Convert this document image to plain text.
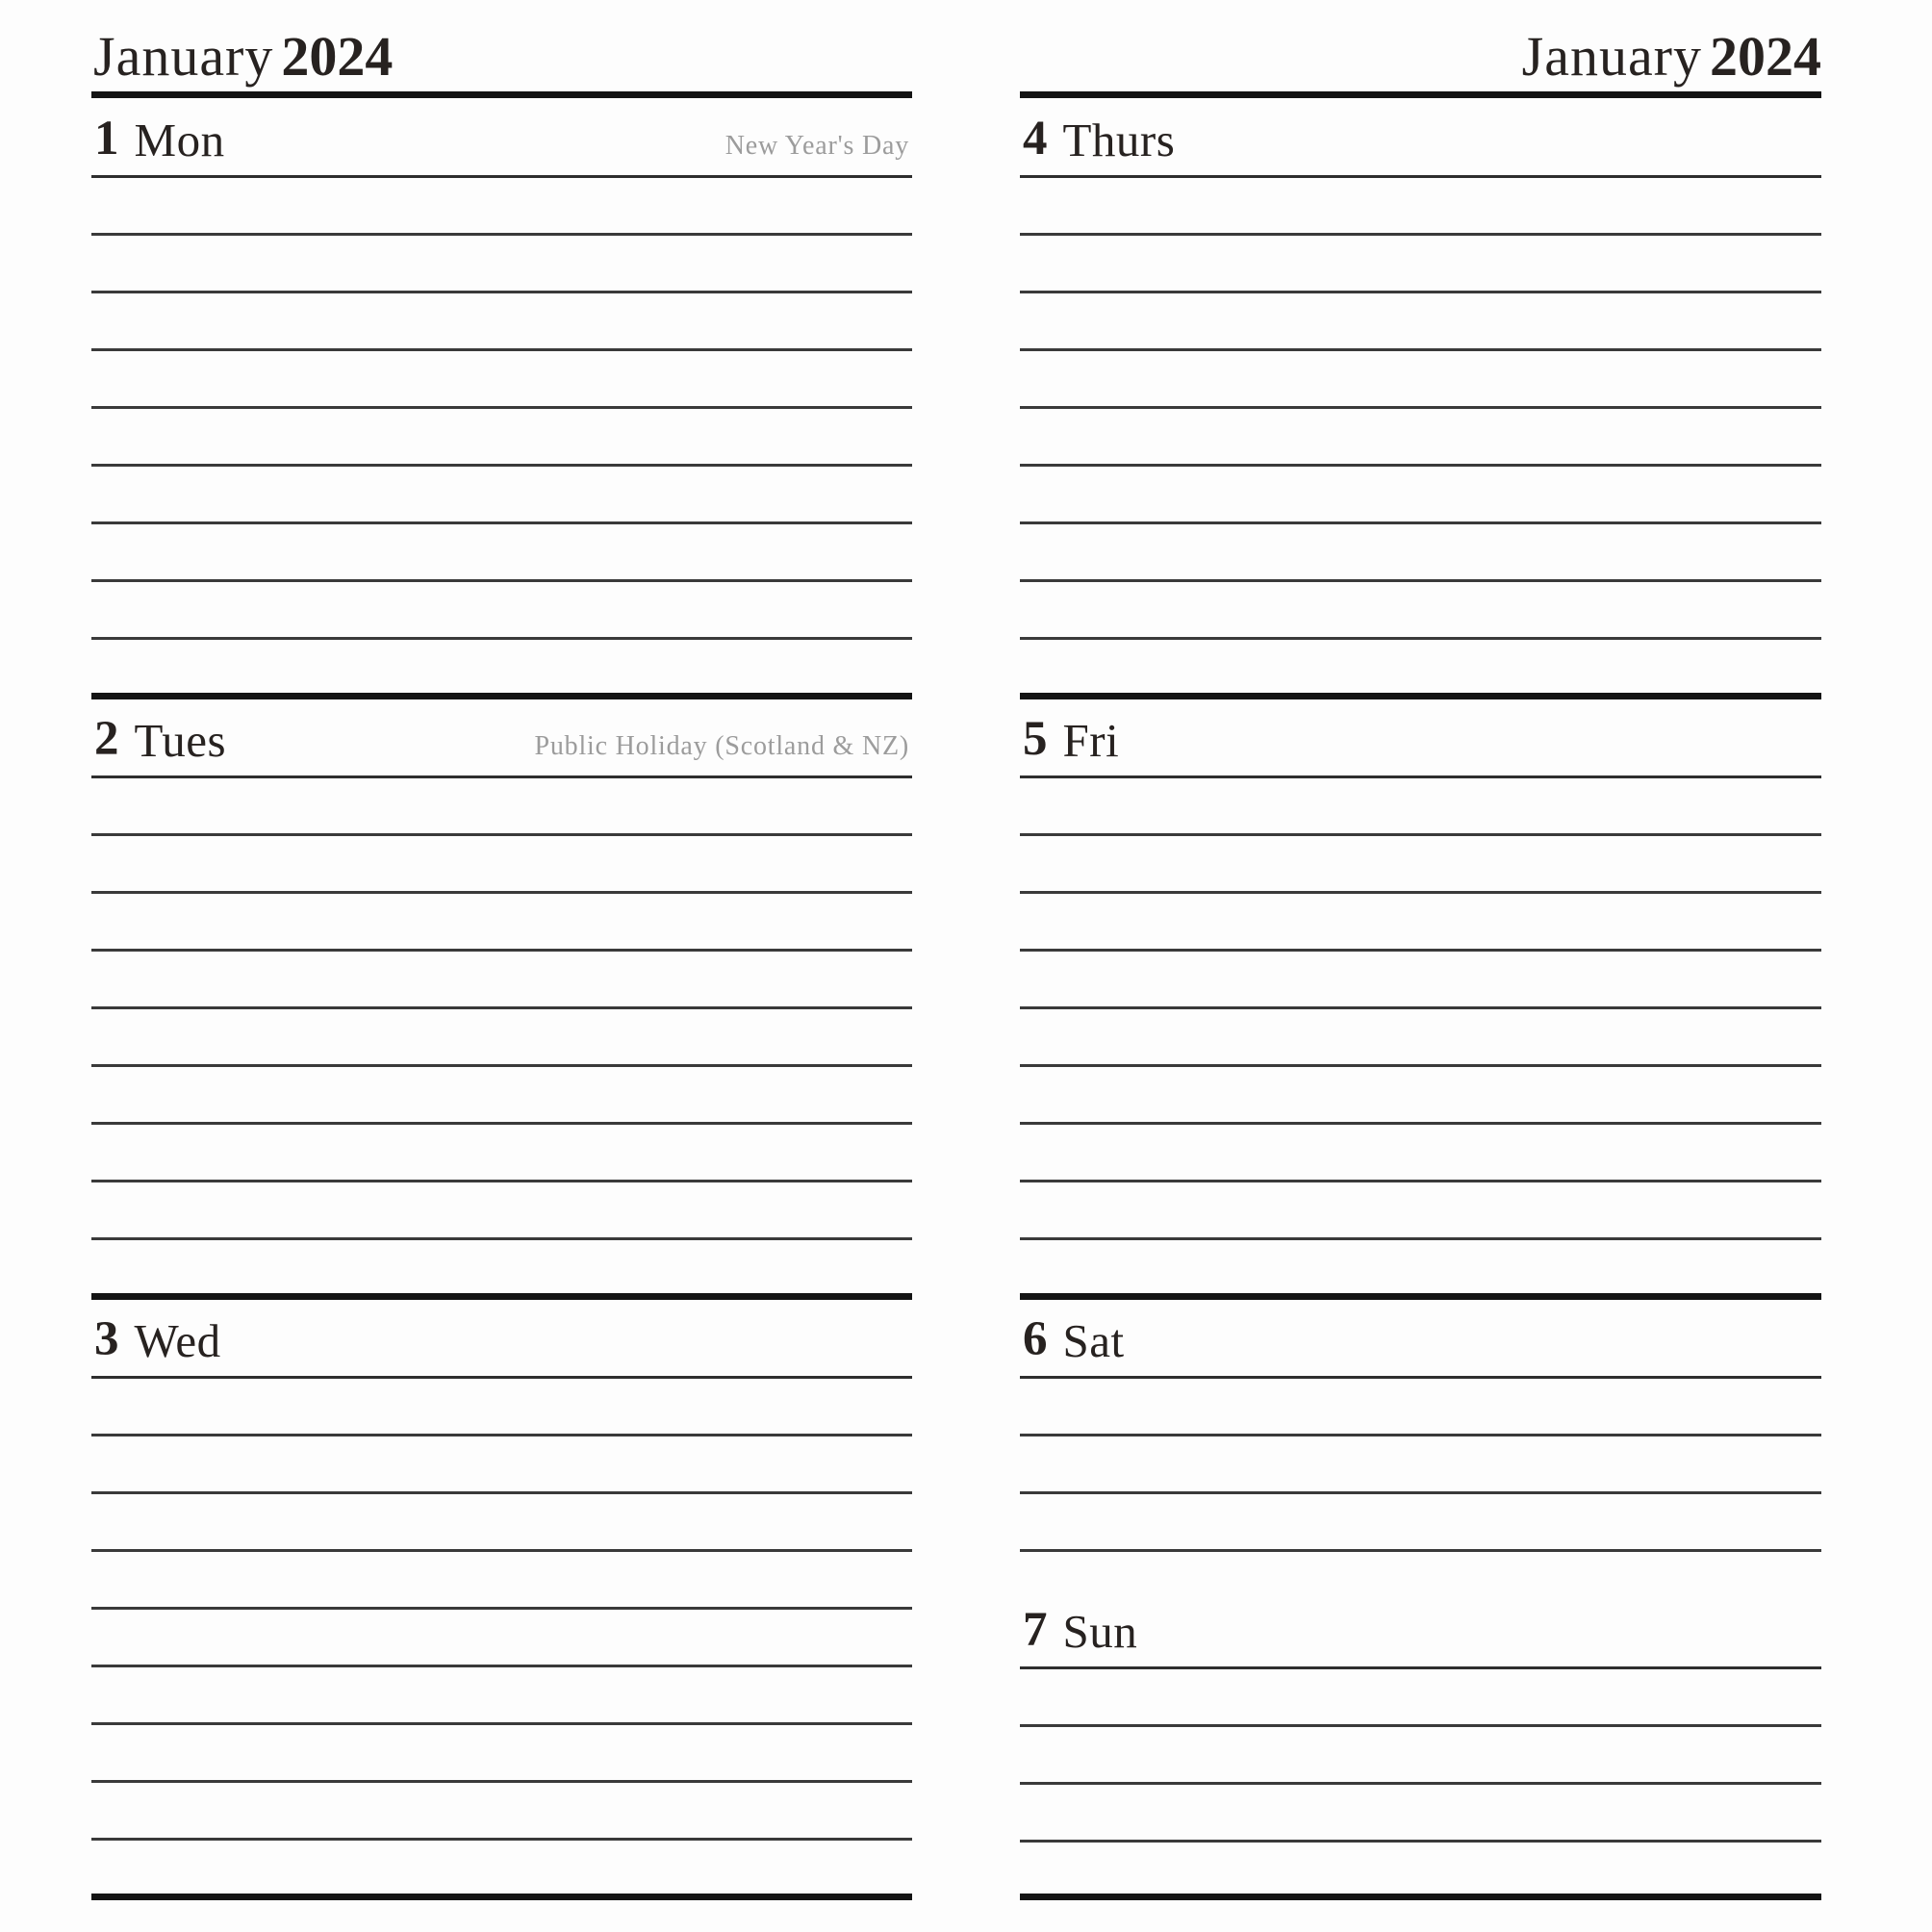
January 2024	January 2024
1 Mon	New Year's Day
2 Tues	Public Holiday (Scotland & NZ)
3 Wed
4 Thurs
5 Fri
6 Sat
7 Sun
